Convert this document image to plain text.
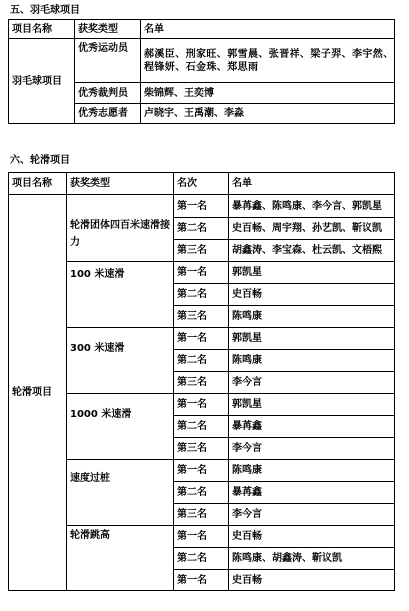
五、羽毛球项目
项目名称	获奖类型	名单
羽毛球项目	优秀运动员	郝溪臣、刑家旺、郭雪晨、张晋祥、梁子羿、李宇然、程锋妍、石金珠、郑思雨
	优秀裁判员	柴锦辉、王奕博
	优秀志愿者	卢晓宇、王禹潮、李淼
六、轮滑项目
项目名称	获奖类型	名次	名单
轮滑项目	轮滑团体四百米速滑接力	第一名	暴苒鑫、陈鸣康、李今言、郭凯星
		第二名	史百畅、周宇翔、孙艺凯、靳议凯
		第三名	胡鑫涛、李宝森、杜云凯、文梧熙
	100 米速滑	第一名	郭凯星
		第二名	史百畅
		第三名	陈鸣康
	300 米速滑	第一名	郭凯星
		第二名	陈鸣康
		第三名	李今言
	1000 米速滑	第一名	郭凯星
		第二名	暴苒鑫
		第三名	李今言
	速度过桩	第一名	陈鸣康
		第二名	暴苒鑫
		第三名	李今言
	轮滑跳高	第一名	史百畅
		第二名	陈鸣康、胡鑫涛、靳议凯
		第一名	史百畅
